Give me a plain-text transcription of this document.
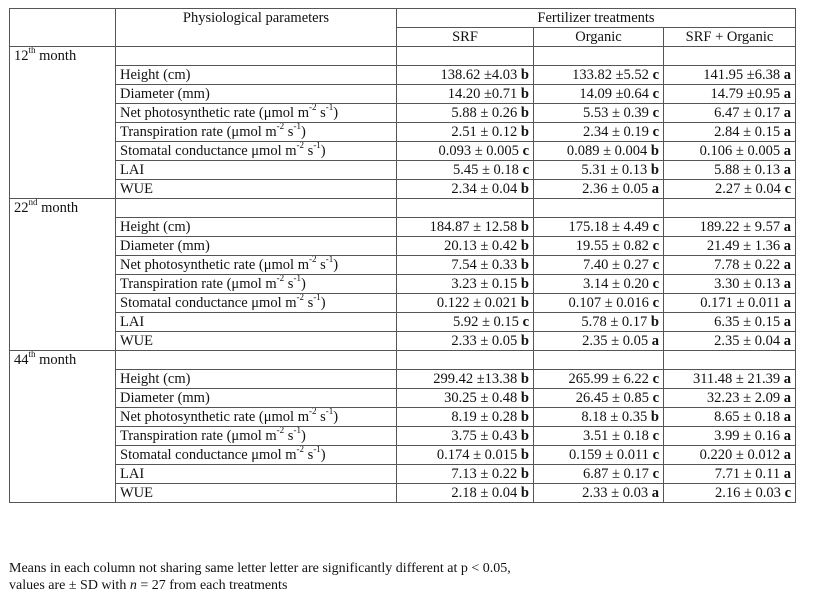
	Physiological parameters	Fertilizer treatments		
		SRF	Organic	SRF + Organic
12th month				
	Height (cm)	138.62 ±4.03 b	133.82 ±5.52 c	141.95 ±6.38 a
	Diameter (mm)	14.20 ±0.71 b	14.09 ±0.64 c	14.79 ±0.95 a
	Net photosynthetic rate (μmol $m^{-2}$ $s^{-1}$)	5.88 ± 0.26 b	5.53 ± 0.39 c	6.47 ± 0.17 a
	Transpiration rate (μmol $m^{-2}$ $s^{-1}$)	2.51 ± 0.12 b	2.34 ± 0.19 c	2.84 ± 0.15 a
	Stomatal conductance μmol $m^{-2}$ $s^{-1}$)	0.093 ± 0.005 c	0.089 ± 0.004 b	0.106 ± 0.005 a
	LAI	5.45 ± 0.18 c	5.31 ± 0.13 b	5.88 ± 0.13 a
	WUE	2.34 ± 0.04 b	2.36 ± 0.05 a	2.27 ± 0.04 c
22nd month				
	Height (cm)	184.87 ± 12.58 b	175.18 ± 4.49 c	189.22 ± 9.57 a
	Diameter (mm)	20.13 ± 0.42 b	19.55 ± 0.82 c	21.49 ± 1.36 a
	Net photosynthetic rate (μmol $m^{-2}$ $s^{-1}$)	7.54 ± 0.33 b	7.40 ± 0.27 c	7.78 ± 0.22 a
	Transpiration rate (μmol $m^{-2}$ $s^{-1}$)	3.23 ± 0.15 b	3.14 ± 0.20 c	3.30 ± 0.13 a
	Stomatal conductance μmol $m^{-2}$ $s^{-1}$)	0.122 ± 0.021 b	0.107 ± 0.016 c	0.171 ± 0.011 a
	LAI	5.92 ± 0.15 c	5.78 ± 0.17 b	6.35 ± 0.15 a
	WUE	2.33 ± 0.05 b	2.35 ± 0.05 a	2.35 ± 0.04 a
44th month				
	Height (cm)	299.42 ±13.38 b	265.99 ± 6.22 c	311.48 ± 21.39 a
	Diameter (mm)	30.25 ± 0.48 b	26.45 ± 0.85 c	32.23 ± 2.09 a
	Net photosynthetic rate (μmol $m^{-2}$ $s^{-1}$)	8.19 ± 0.28 b	8.18 ± 0.35 b	8.65 ± 0.18 a
	Transpiration rate (μmol $m^{-2}$ $s^{-1}$)	3.75 ± 0.43 b	3.51 ± 0.18 c	3.99 ± 0.16 a
	Stomatal conductance μmol $m^{-2}$ $s^{-1}$)	0.174 ± 0.015 b	0.159 ± 0.011 c	0.220 ± 0.012 a
	LAI	7.13 ± 0.22 b	6.87 ± 0.17 c	7.71 ± 0.11 a
	WUE	2.18 ± 0.04 b	2.33 ± 0.03 a	2.16 ± 0.03 c
Means in each column not sharing same letter letter are significantly different at p < 0.05,
values are ± SD with n = 27 from each treatments
